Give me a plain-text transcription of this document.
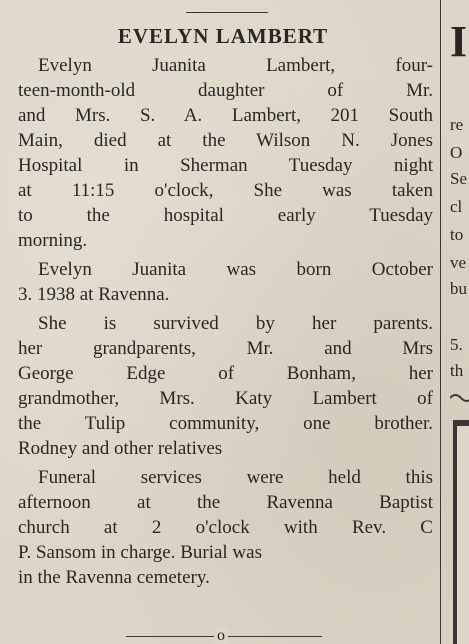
EVELYN LAMBERT
Evelyn Juanita Lambert, four-
teen-month-old daughter of Mr.
and Mrs. S. A. Lambert, 201 South
Main, died at the Wilson N. Jones
Hospital in Sherman Tuesday night
at 11:15 o'clock, She was taken
to the hospital early Tuesday
morning.
Evelyn Juanita was born October
3. 1938 at Ravenna.
She is survived by her parents.
her grandparents, Mr. and Mrs
George Edge of Bonham, her
grandmother, Mrs. Katy Lambert of
the Tulip community, one brother.
Rodney and other relatives
Funeral services were held this
afternoon at the Ravenna Baptist
church at 2 o'clock with Rev. C
P. Sansom in charge. Burial was
in the Ravenna cemetery.
o
I
re
O
Se
cl
to
ve
bu
5.
th
